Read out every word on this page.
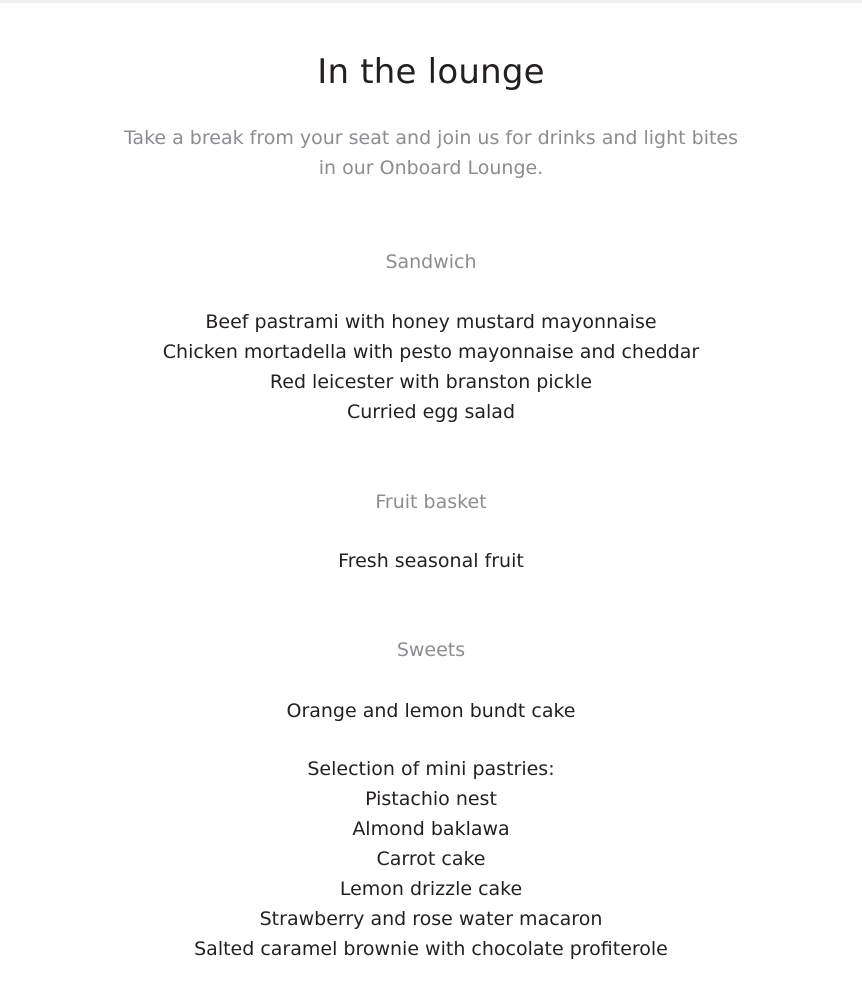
In the lounge
Take a break from your seat and join us for drinks and light bites
in our Onboard Lounge.
Sandwich
Beef pastrami with honey mustard mayonnaise
Chicken mortadella with pesto mayonnaise and cheddar
Red leicester with branston pickle
Curried egg salad
Fruit basket
Fresh seasonal fruit
Sweets
Orange and lemon bundt cake
Selection of mini pastries:
Pistachio nest
Almond baklawa
Carrot cake
Lemon drizzle cake
Strawberry and rose water macaron
Salted caramel brownie with chocolate profiterole
